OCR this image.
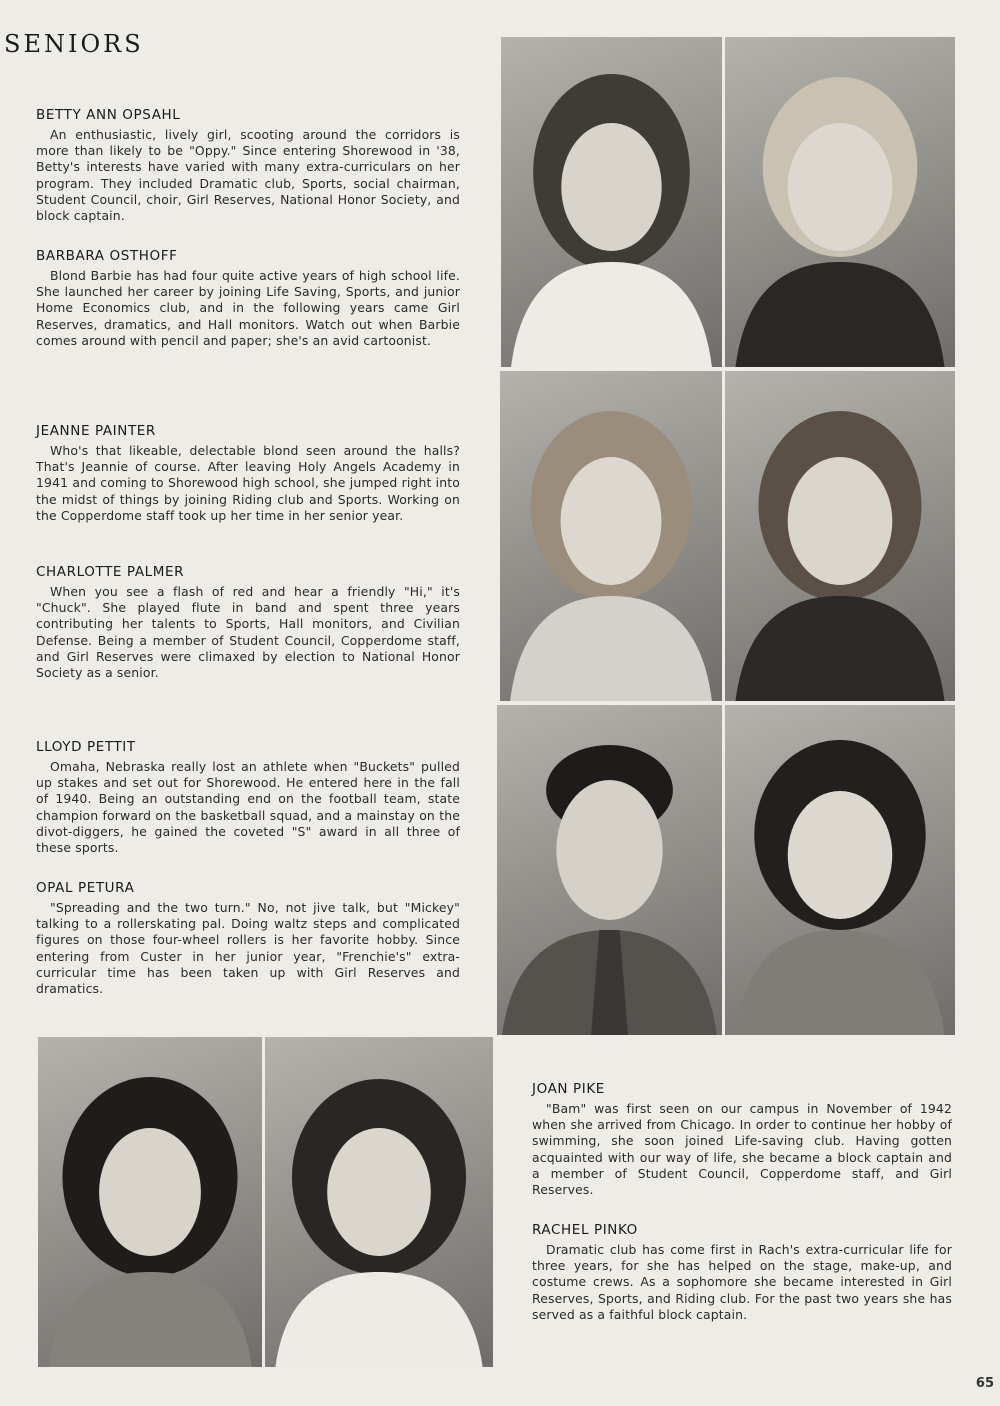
SENIORS
BETTY ANN OPSAHL

An enthusiastic, lively girl, scooting around the corridors is more than likely to be "Oppy." Since entering Shorewood in '38, Betty's interests have varied with many extra-curriculars on her program. They included Dramatic club, Sports, social chairman, Student Council, choir, Girl Reserves, National Honor Society, and block captain.

BARBARA OSTHOFF

Blond Barbie has had four quite active years of high school life. She launched her career by joining Life Saving, Sports, and junior Home Economics club, and in the following years came Girl Reserves, dramatics, and Hall monitors. Watch out when Barbie comes around with pencil and paper; she's an avid cartoonist.

JEANNE PAINTER

Who's that likeable, delectable blond seen around the halls? That's Jeannie of course. After leaving Holy Angels Academy in 1941 and coming to Shorewood high school, she jumped right into the midst of things by joining Riding club and Sports. Working on the Copperdome staff took up her time in her senior year.

CHARLOTTE PALMER

When you see a flash of red and hear a friendly "Hi," it's "Chuck". She played flute in band and spent three years contributing her talents to Sports, Hall monitors, and Civilian Defense. Being a member of Student Council, Copperdome staff, and Girl Reserves were climaxed by election to National Honor Society as a senior.

LLOYD PETTIT

Omaha, Nebraska really lost an athlete when "Buckets" pulled up stakes and set out for Shorewood. He entered here in the fall of 1940. Being an outstanding end on the football team, state champion forward on the basketball squad, and a mainstay on the divot-diggers, he gained the coveted "S" award in all three of these sports.

OPAL PETURA

"Spreading and the two turn." No, not jive talk, but "Mickey" talking to a rollerskating pal. Doing waltz steps and complicated figures on those four-wheel rollers is her favorite hobby. Since entering from Custer in her junior year, "Frenchie's" extra-curricular time has been taken up with Girl Reserves and dramatics.

JOAN PIKE

"Bam" was first seen on our campus in November of 1942 when she arrived from Chicago. In order to continue her hobby of swimming, she soon joined Life-saving club. Having gotten acquainted with our way of life, she became a block captain and a member of Student Council, Copperdome staff, and Girl Reserves.

RACHEL PINKO

Dramatic club has come first in Rach's extra-curricular life for three years, for she has helped on the stage, make-up, and costume crews. As a sophomore she became interested in Girl Reserves, Sports, and Riding club. For the past two years she has served as a faithful block captain.

65
